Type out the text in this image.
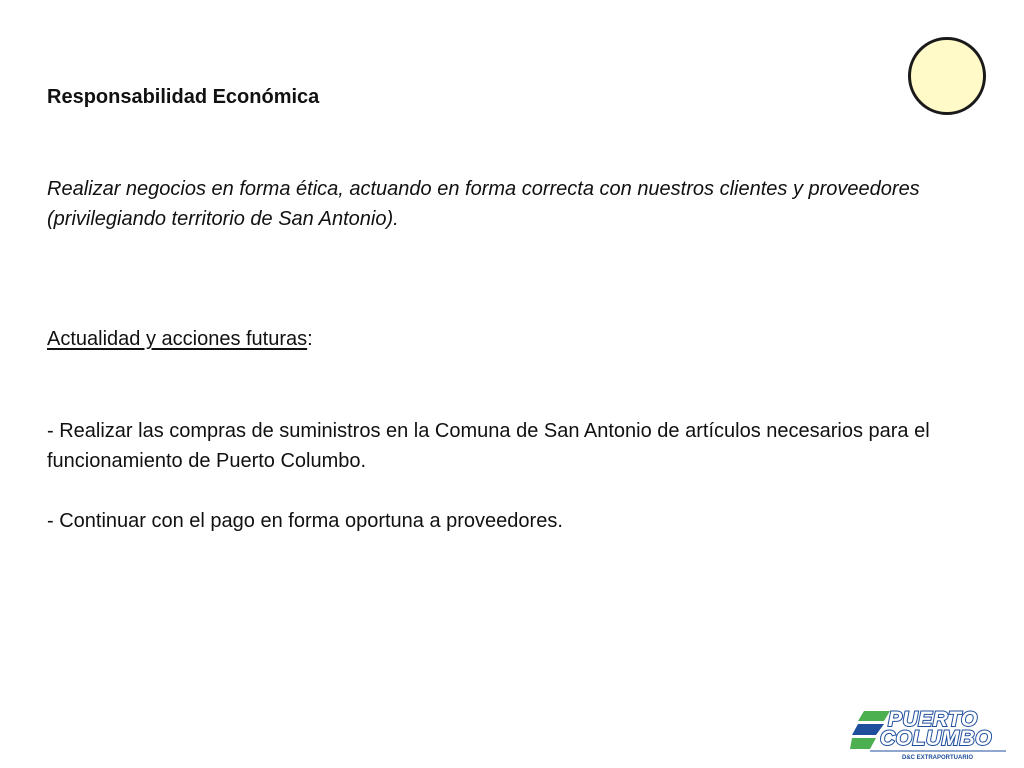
Responsabilidad Económica
Realizar negocios en forma ética, actuando en forma correcta con nuestros clientes y proveedores (privilegiando territorio de San Antonio).
Actualidad y acciones futuras:

- Realizar las compras de suministros en la Comuna de San Antonio de artículos necesarios para el funcionamiento de Puerto Columbo.

- Continuar con el pago en forma oportuna a proveedores.

PUERTO
COLUMBO
D&C EXTRAPORTUARIO
